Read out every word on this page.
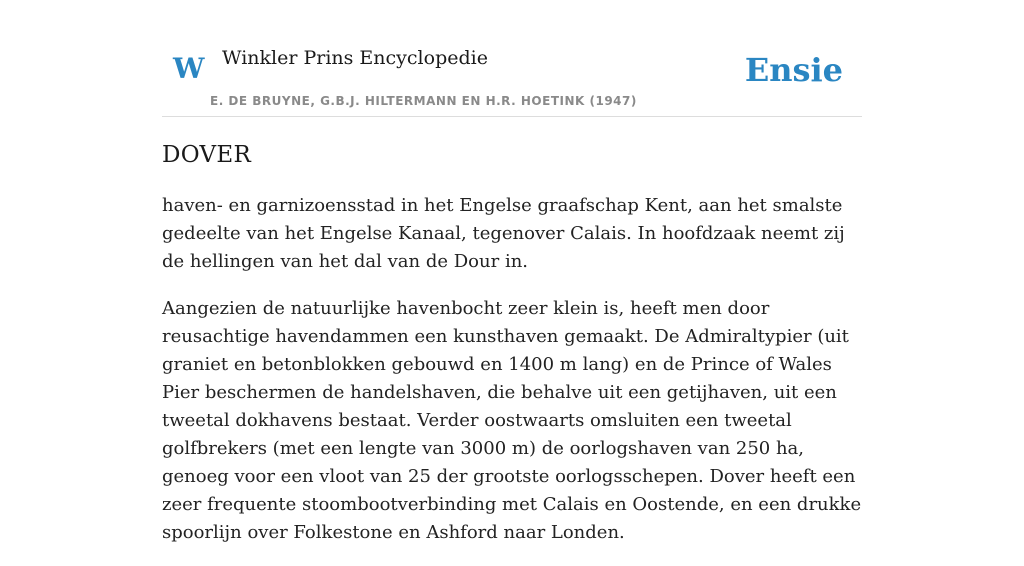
W Winkler Prins Encyclopedie
E. DE BRUYNE, G.B.J. HILTERMANN EN H.R. HOETINK (1947)
Ensie
DOVER

haven- en garnizoensstad in het Engelse graafschap Kent, aan het smalste gedeelte van het Engelse Kanaal, tegenover Calais. In hoofdzaak neemt zij de hellingen van het dal van de Dour in.

Aangezien de natuurlijke havenbocht zeer klein is, heeft men door reusachtige havendammen een kunsthaven gemaakt. De Admiraltypier (uit graniet en betonblokken gebouwd en 1400 m lang) en de Prince of Wales Pier beschermen de handelshaven, die behalve uit een getijhaven, uit een tweetal dokhavens bestaat. Verder oostwaarts omsluiten een tweetal golfbrekers (met een lengte van 3000 m) de oorlogshaven van 250 ha, genoeg voor een vloot van 25 der grootste oorlogsschepen. Dover heeft een zeer frequente stoombootverbinding met Calais en Oostende, en een drukke spoorlijn over Folkestone en Ashford naar Londen.
